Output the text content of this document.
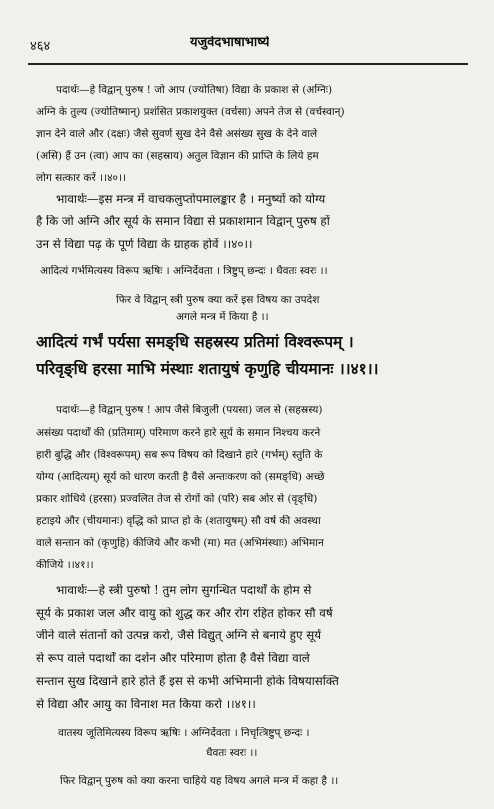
४६४	यजुर्वेदभाषाभाष्ये
पदार्थः—हे विद्वान् पुरुष ! जो आप (ज्योतिषा) विद्या के प्रकाश से (अग्निः)
अग्नि के तुल्य (ज्योतिष्मान्) प्रशंसित प्रकाशयुक्त (वर्चसा) अपने तेज से (वर्चस्वान्)
ज्ञान देने वाले और (दक्षः) जैसे सुवर्ण सुख देने वैसे असंख्य सुख के देने वाले
(असि) हैं उन (त्वा) आप का (सहस्राय) अतुल विज्ञान की प्राप्ति के लिये हम
लोग सत्कार करें ।।४०।।
भावार्थः—इस मन्त्र में वाचकलुप्तोपमालङ्कार है । मनुष्यों को योग्य
है कि जो अग्नि और सूर्य के समान विद्या से प्रकाशमान विद्वान् पुरुष हों
उन से विद्या पढ़ के पूर्ण विद्या के ग्राहक होवें ।।४०।।
आदित्यं गर्भमित्यस्य विरूप ऋषिः । अग्निर्देवता । त्रिष्टुप् छन्दः । धैवतः स्वरः ।।
फिर वे विद्वान् स्त्री पुरुष क्या करें इस विषय का उपदेश
अगले मन्त्र में किया है ।।
आदित्यं गर्भं पर्यसा समङ्धि सहस्रस्य प्रतिमां विश्वरूपम् ।
परिवृङ्धि हरसा माभि मंस्थाः शतायुषं कृणुहि चीयमानः ।।४१।।
पदार्थः—हे विद्वान् पुरुष ! आप जैसे बिजुली (पयसा) जल से (सहस्रस्य)
असंख्य पदार्थों की (प्रतिमाम्) परिमाण करने हारे सूर्य के समान निश्चय करने
हारी बुद्धि और (विश्वरूपम्) सब रूप विषय को दिखाने हारे (गर्भम्) स्तुति के
योग्य (आदित्यम्) सूर्य को धारण करती है वैसे अन्तःकरण को (समङ्धि) अच्छे
प्रकार शोधिये (हरसा) प्रज्वलित तेज से रोगों को (परि) सब ओर से (वृङ्धि)
हटाइये और (चीयमानः) वृद्धि को प्राप्त हो के (शतायुषम्) सौ वर्ष की अवस्था
वाले सन्तान को (कृणुहि) कीजिये और कभी (मा) मत (अभिमंस्थाः) अभिमान
कीजिये ।।४१।।
भावार्थः—हे स्त्री पुरुषो ! तुम लोग सुगन्धित पदार्थों के होम से
सूर्य के प्रकाश जल और वायु को शुद्ध कर और रोग रहित होकर सौ वर्ष
जीने वाले संतानों को उत्पन्न करो, जैसे विद्युत् अग्नि से बनाये हुए सूर्य
से रूप वाले पदार्थों का दर्शन और परिमाण होता है वैसे विद्या वाले
सन्तान सुख दिखाने हारे होते हैं इस से कभी अभिमानी होके विषयासक्ति
से विद्या और आयु का विनाश मत किया करो ।।४१।।
वातस्य जूतिमित्यस्य विरूप ऋषिः । अग्निर्देवता । निचृत्त्रिष्टुप् छन्दः ।
धैवतः स्वरः ।।
फिर विद्वान् पुरुष को क्या करना चाहिये यह विषय अगले मन्त्र में कहा है ।।
